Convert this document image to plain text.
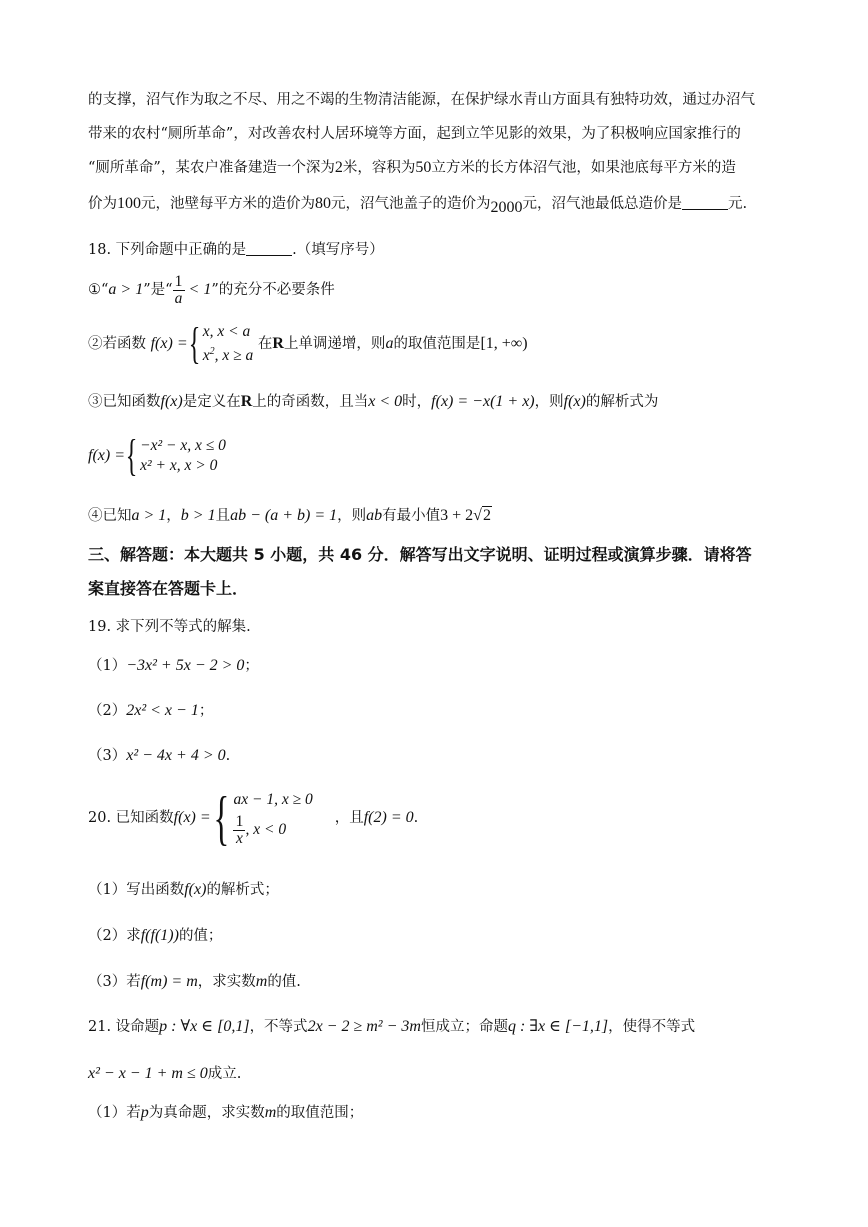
的支撑，沼气作为取之不尽、用之不竭的生物清洁能源，在保护绿水青山方面具有独特功效，通过办沼气
带来的农村“厕所革命”，对改善农村人居环境等方面，起到立竿见影的效果，为了积极响应国家推行的
“厕所革命”，某农户准备建造一个深为2米，容积为50立方米的长方体沼气池，如果池底每平方米的造
价为100元，池壁每平方米的造价为80元，沼气池盖子的造价为2000元，沼气池最低总造价是	元.
18. 下列命题中正确的是	.（填写序号）
①“a > 1”是“ $\frac{1}{a} < 1$”的充分不必要条件
②若函数 f(x) ={ x, x < a
$x^2$, x ≥ a
在R上单调递增，则a的取值范围是[1, +∞)
③已知函数f(x)是定义在R上的奇函数，且当x < 0时，f(x) = −x(1 + x)，则f(x)的解析式为
f(x) ={ −x² − x, x ≤ 0
x² + x, x > 0
④已知a > 1，b > 1且ab − (a + b) = 1，则ab有最小值3 + 2√2
三、解答题：本大题共 5 小题，共 46 分．解答写出文字说明、证明过程或演算步骤．请将答
案直接答在答题卡上．
19. 求下列不等式的解集.
（1）−3x² + 5x − 2 > 0；
（2）2x² < x − 1；
（3）x² − 4x + 4 > 0.
20. 已知函数f(x) ={ ax − 1, x ≥ 0
$\frac{1}{x}$ , x < 0
，且f(2) = 0.
（1）写出函数f(x)的解析式；
（2）求f(f(1))的值；
（3）若f(m) = m，求实数m的值.
21. 设命题p : ∀x ∈ [0,1]，不等式2x − 2 ≥ m² − 3m恒成立；命题q : ∃x ∈ [−1,1]，使得不等式
x² − x − 1 + m ≤ 0成立.
（1）若p为真命题，求实数m的取值范围；
